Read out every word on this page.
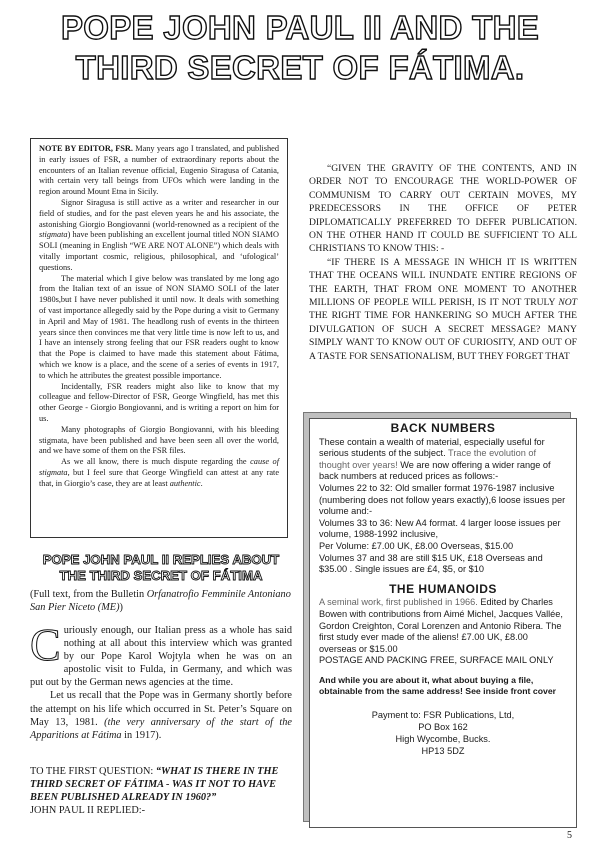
POPE JOHN PAUL II AND THE
THIRD SECRET OF FÁTIMA.

NOTE BY EDITOR, FSR. Many years ago I translated, and published in early issues of FSR, a number of extraordinary reports about the encounters of an Italian revenue official, Eugenio Siragusa of Catania, with certain very tall beings from UFOs which were landing in the region around Mount Etna in Sicily.

Signor Siragusa is still active as a writer and researcher in our field of studies, and for the past eleven years he and his associate, the astonishing Giorgio Bongiovanni (world-renowned as a recipient of the stigmata) have been publishing an excellent journal titled NON SIAMO SOLI (meaning in English “WE ARE NOT ALONE”) which deals with vitally important cosmic, religious, philosophical, and ‘ufological’ questions.

The material which I give below was translated by me long ago from the Italian text of an issue of NON SIAMO SOLI of the later 1980s,but I have never published it until now. It deals with something of vast importance allegedly said by the Pope during a visit to Germany in April and May of 1981. The headlong rush of events in the thirteen years since then convinces me that very little time is now left to us, and I have an intensely strong feeling that our FSR readers ought to know that the Pope is claimed to have made this statement about Fátima, which we know is a place, and the scene of a series of events in 1917, to which he attributes the greatest possible importance.

Incidentally, FSR readers might also like to know that my colleague and fellow-Director of FSR, George Wingfield, has met this other George - Giorgio Bongiovanni, and is writing a report on him for us.

Many photographs of Giorgio Bongiovanni, with his bleeding stigmata, have been published and have been seen all over the world, and we have some of them on the FSR files.

As we all know, there is much dispute regarding the cause of stigmata, but I feel sure that George Wingfield can attest at any rate that, in Giorgio’s case, they are at least authentic.

POPE JOHN PAUL II REPLIES ABOUT
THE THIRD SECRET OF FÁTIMA

(Full text, from the Bulletin Orfanatrofio Femminile Antoniano San Pier Niceto (ME))

Curiously enough, our Italian press as a whole has said nothing at all about this interview which was granted by our Pope Karol Wojtyla when he was on an apostolic visit to Fulda, in Germany, and which was put out by the German news agencies at the time.

Let us recall that the Pope was in Germany shortly before the attempt on his life which occurred in St. Peter’s Square on May 13, 1981. (the very anniversary of the start of the Apparitions at Fátima in 1917).

TO THE FIRST QUESTION: “WHAT IS THERE IN THE THIRD SECRET OF FÁTIMA - WAS IT NOT TO HAVE BEEN PUBLISHED ALREADY IN 1960?”
JOHN PAUL II REPLIED:-

“GIVEN THE GRAVITY OF THE CONTENTS, AND IN ORDER NOT TO ENCOURAGE THE WORLD-POWER OF COMMUNISM TO CARRY OUT CERTAIN MOVES, MY PREDECESSORS IN THE OFFICE OF PETER DIPLOMATICALLY PREFERRED TO DEFER PUBLICATION. ON THE OTHER HAND IT COULD BE SUFFICIENT TO ALL CHRISTIANS TO KNOW THIS: -

“IF THERE IS A MESSAGE IN WHICH IT IS WRITTEN THAT THE OCEANS WILL INUNDATE ENTIRE REGIONS OF THE EARTH, THAT FROM ONE MOMENT TO ANOTHER MILLIONS OF PEOPLE WILL PERISH, IS IT NOT TRULY NOT THE RIGHT TIME FOR HANKERING SO MUCH AFTER THE DIVULGATION OF SUCH A SECRET MESSAGE? MANY SIMPLY WANT TO KNOW OUT OF CURIOSITY, AND OUT OF A TASTE FOR SENSATIONALISM, BUT THEY FORGET THAT

BACK NUMBERS

These contain a wealth of material, especially useful for serious students of the subject. Trace the evolution of thought over years! We are now offering a wider range of back numbers at reduced prices as follows:-

Volumes 22 to 32: Old smaller format 1976-1987 inclusive (numbering does not follow years exactly),6 loose issues per volume and:-

Volumes 33 to 36: New A4 format. 4 larger loose issues per volume, 1988-1992 inclusive,

Per Volume: £7.00 UK, £8.00 Overseas, $15.00

Volumes 37 and 38 are still $15 UK, £18 Overseas and $35.00 . Single issues are £4, $5, or $10

THE HUMANOIDS

A seminal work, first published in 1966. Edited by Charles Bowen with contributions from Aimé Michel, Jacques Vallée, Gordon Creighton, Coral Lorenzen and Antonio Ribera. The first study ever made of the aliens! £7.00 UK, £8.00 overseas or $15.00

POSTAGE AND PACKING FREE, SURFACE MAIL ONLY

And while you are about it, what about buying a file, obtainable from the same address! See inside front cover

Payment to: FSR Publications, Ltd,
PO Box 162
High Wycombe, Bucks.
HP13 5DZ

5
